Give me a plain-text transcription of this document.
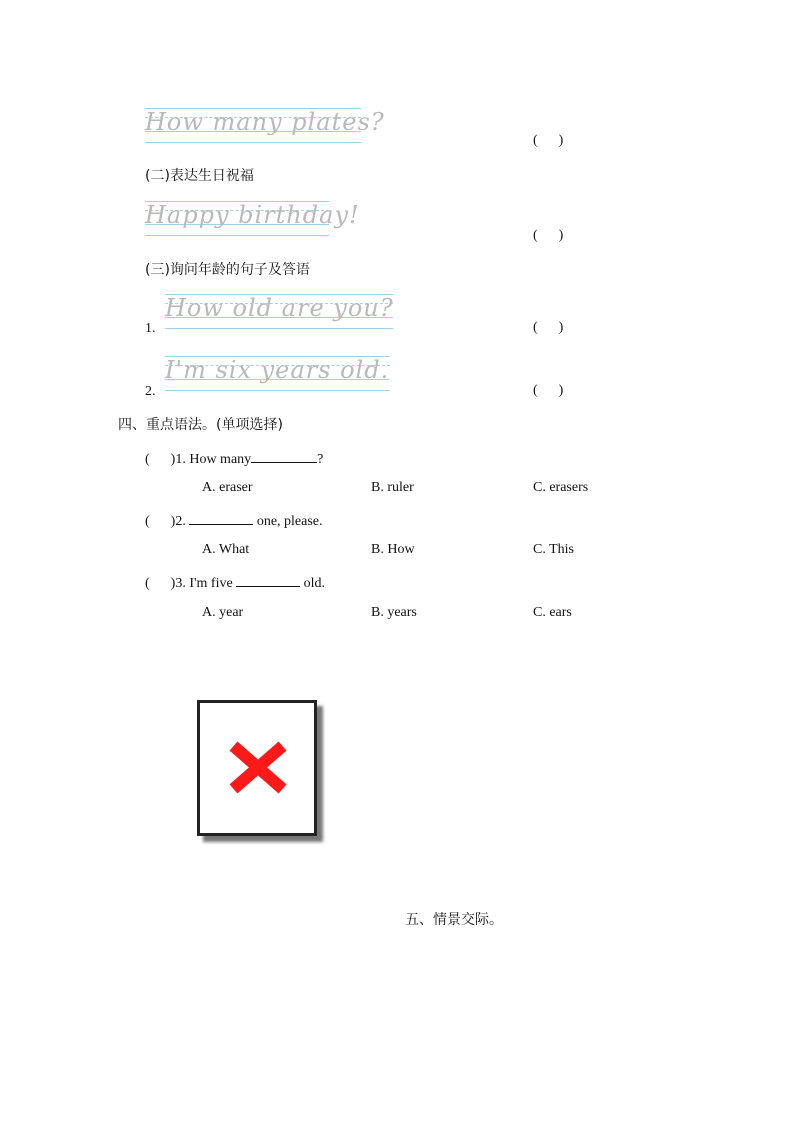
How many plates?
(      )
(二)表达生日祝福
Happy birthday!
(      )
(三)询问年龄的句子及答语
1.
How old are you?
(      )
2.
I'm six years old.
(      )
四、重点语法。(单项选择)
(      )1. How many	?
A. eraser	B. ruler	C. erasers
(      )2.	one, please.
A. What	B. How	C. This
(      )3. I'm five	old.
A. year	B. years	C. ears
五、情景交际。
